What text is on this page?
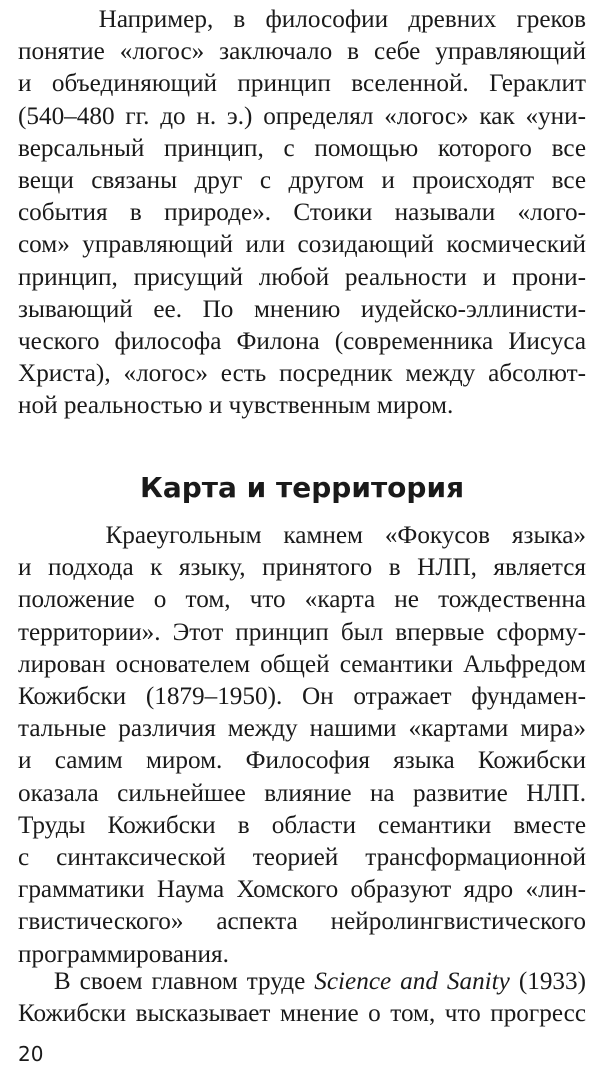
Например, в философии древних греков
понятие «логос» заключало в себе управляющий
и объединяющий принцип вселенной. Гераклит
(540–480 гг. до н. э.) определял «логос» как «уни-
версальный принцип, с помощью которого все
вещи связаны друг с другом и происходят все
события в природе». Стоики называли «лого-
сом» управляющий или созидающий космический
принцип, присущий любой реальности и прони-
зывающий ее. По мнению иудейско-эллинисти-
ческого философа Филона (современника Иисуса
Христа), «логос» есть посредник между абсолют-
ной реальностью и чувственным миром.
Карта и территория
Краеугольным камнем «Фокусов языка»
и подхода к языку, принятого в НЛП, является
положение о том, что «карта не тождественна
территории». Этот принцип был впервые сформу-
лирован основателем общей семантики Альфредом
Кожибски (1879–1950). Он отражает фундамен-
тальные различия между нашими «картами мира»
и самим миром. Философия языка Кожибски
оказала сильнейшее влияние на развитие НЛП.
Труды Кожибски в области семантики вместе
с синтаксической теорией трансформационной
грамматики Наума Хомского образуют ядро «лин-
гвистического» аспекта нейролингвистического
программирования.
В своем главном труде Science and Sanity (1933)
Кожибски высказывает мнение о том, что прогресс
20
